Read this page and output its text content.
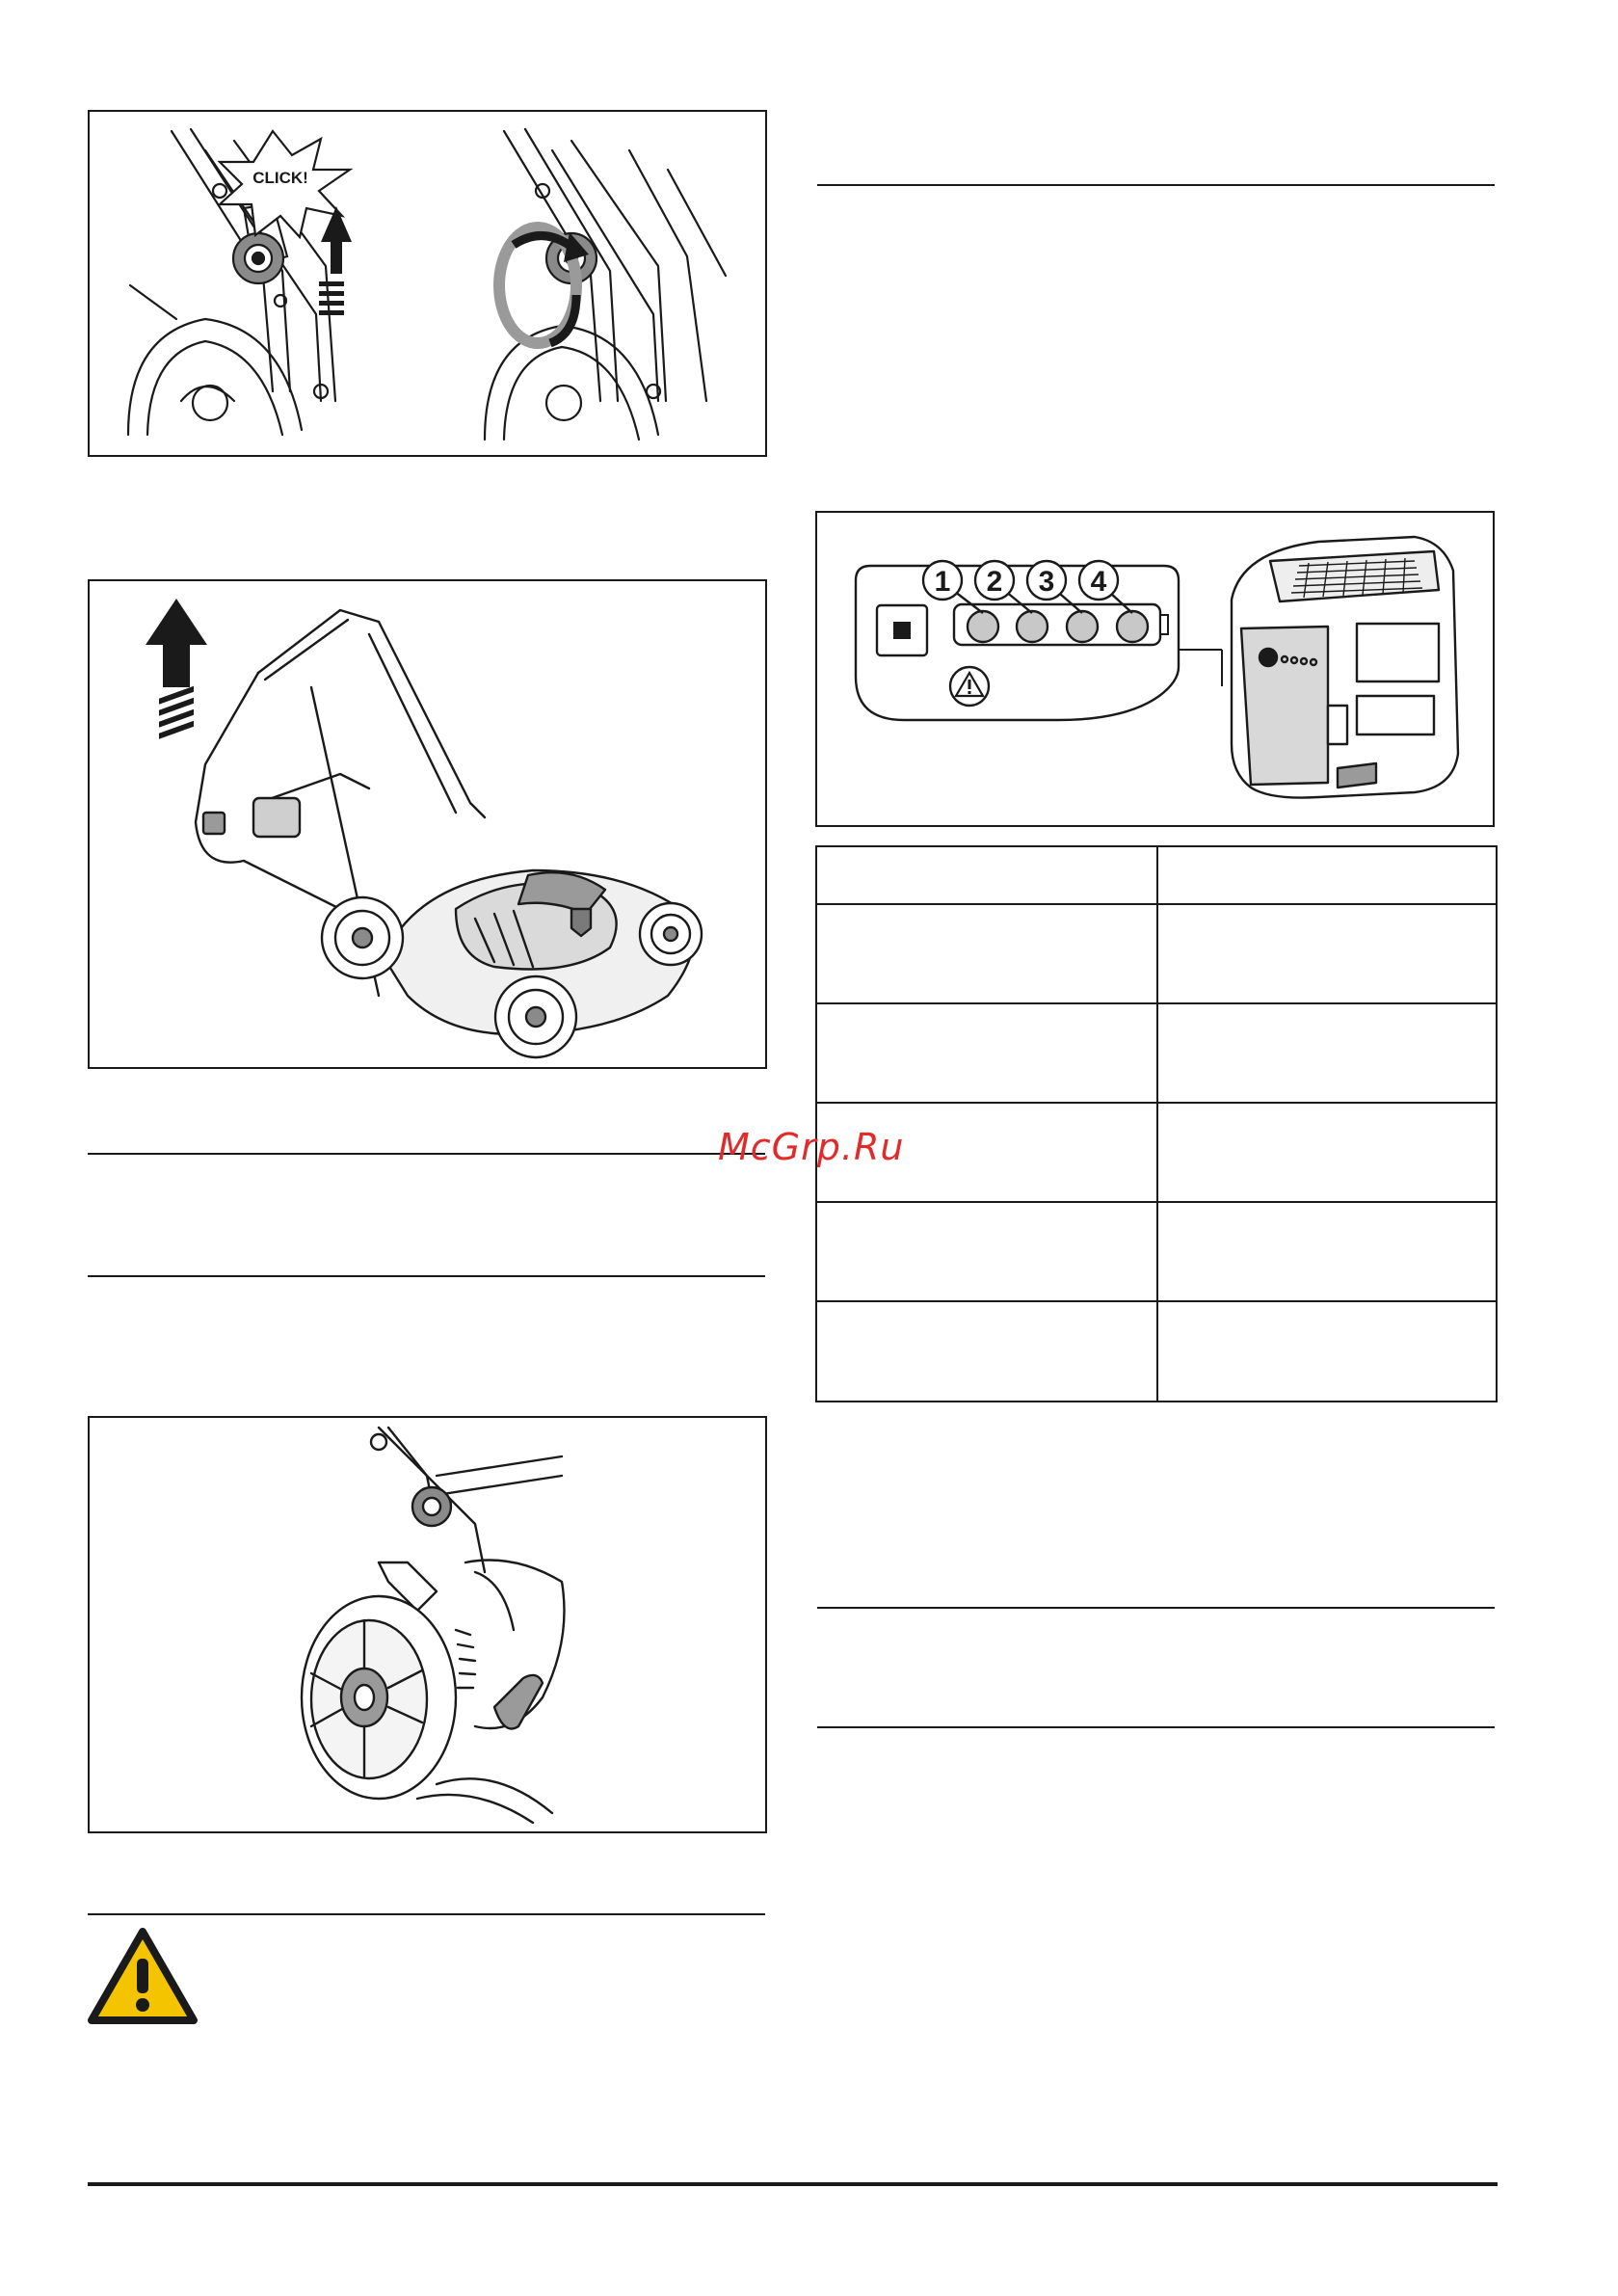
CLICK!
1 2 3 4
McGrp.Ru
